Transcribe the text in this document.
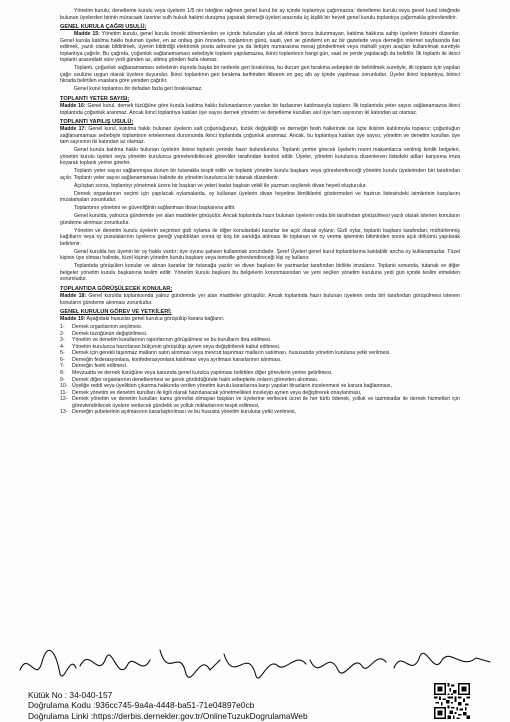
Yönetim kurulu; denetleme kurulu veya üyelerin 1/5 nin isteğine rağmen genel kurul bir ay içinde toplantıya çağırmazsa; denetleme kurulu veya genel kurul isteğinde bulunan üyelerden birinin müracaatı üzerine sulh hukuk hakimi duruşma yaparak derneği üyeleri arasında üç kişilik bir heyeti genel kurulu toplantıya çağırmakla görevlendirir.

GENEL KURULA ÇAĞRI USULÜ;

Madde 15: Yönetim kurulu, genel kurula önceki dönemlerden ve içinde bulunulan yıla ait ödenti borcu bulunmayan, katılma hakkına sahip üyelerin listesini düzenler. Genel kurula katılma hakkı bulunan üyeler, en az onbeş gün önceden, toplantının günü, saati, yeri ve gündemi en az bir gazetede veya derneğin internet sayfasında ilan edilmek, yazılı olarak bildirilmek, üyenin bildirdiği elektronik posta adresine ya da iletişim numarasına mesaj gönderilmek veya mahalli yayın araçları kullanılmak suretiyle toplantıya çağrılır. Bu çağrıda, çoğunluk sağlanamaması sebebiyle toplantı yapılamazsa, ikinci toplantının hangi gün, saat ve yerde yapılacağı da belirtilir. İlk toplantı ile ikinci toplantı arasındaki süre yedi günden az, altmış günden fazla olamaz.

Toplantı, çoğunluk sağlanamaması sebebinin dışında başka bir nedenle geri bırakılırsa, bu durum geri bırakma sebepleri de belirtilmek suretiyle, ilk toplantı için yapılan çağrı usulüne uygun olarak üyelere duyurulur. İkinci toplantının geri bırakma tarihinden itibaren en geç altı ay içinde yapılması zorunludur. Üyeler ikinci toplantıya, birinci fıkrada belirtilen esaslara göre yeniden çağrılır.

Genel kurul toplantısı bir defadan fazla geri bırakılamaz.

TOPLANTI YETER SAYISI;

Madde 16: Genel kurul, dernek tüzüğüne göre kurula katılma hakkı bulunanlarının yarıdan bir fazlasının katılmasıyla toplanır. İlk toplantıda yeter sayısı sağlanamazsa ikinci toplantıda çoğunluk aranmaz. Ancak ikinci toplantıya katılan üye sayısı dernek yönetim ve denetleme kurulları asıl üye tam sayısının iki katından az olamaz.

TOPLANTI YAPILIŞ USULÜ;

Madde 17: Genel kurul, katılma hakkı bulunan üyelerin salt çoğunluğunun, tüzük değişikliği ve derneğin fesih hallerinde ise üçte ikisinin katılımıyla toplanır; çoğunluğun sağlanamaması sebebiyle toplantının ertelenmesi durumunda ikinci toplantıda çoğunluk aranmaz. Ancak, bu toplantıya katılan üye sayısı, yönetim ve denetim kurulları üye tam sayısının iki katından az olamaz.

Genel kurula katılma hakkı bulunan üyelerin listesi toplantı yerinde hazır bulundurulur. Toplantı yerine girecek üyelerin resmi makamlarca verilmiş kimlik belgeleri, yönetim kurulu üyeleri veya yönetim kurulunca görevlendirilecek görevliler tarafından kontrol edilir. Üyeler, yönetim kurulunca düzenlenen listedeki adları karşısına imza koyarak toplantı yerine girerler.

Toplantı yeter sayısı sağlanmışsa durum bir tutanakla tespit edilir ve toplantı yönetim kurulu başkanı veya görevlendireceği yönetim kurulu üyelerinden biri tarafından açılır. Toplantı yeter sayısı sağlanamaması halinde de yönetim kurulunca bir tutanak düzenlenir.

Açılıştan sonra, toplantıyı yönetmek üzere bir başkan ve yeteri kadar başkan vekili ile yazman seçilerek divan heyeti oluşturulur.

Dernek organlarının seçimi için yapılacak oylamalarda, oy kullanan üyelerin divan heyetine kimliklerini göstermeleri ve hazirun listesindeki isimlerinin karşılarını imzalamaları zorunludur.

Toplantının yönetimi ve güvenliğinin sağlanması divan başkanına aittir.

Genel kurulda, yalnızca gündemde yer alan maddeler görüşülür. Ancak toplantıda hazır bulunan üyelerin onda biri tarafından görüşülmesi yazılı olarak istenen konuların gündeme alınması zorunludur.

Yönetim ve denetim kurulu üyelerin seçimleri gizli oylama ile diğer konulardaki kararlar ise açık olarak oylanır. Gizli oylar, toplantı başkanı tarafından, mühürlenmiş kağıtların veya oy pusulalarının üyelerce gereği yapıldıktan sonra içi boş bir sandığa atılması ile toplanan ve oy verme işleminin bitiminden sonra açık dökümü yapılarak belirlenir.

Genel kurulda her üyenin bir oy hakkı vardır; üye oyunu şahsen kullanmak zorundadır. Şeref Üyeleri genel kurul toplantılarına katılabilir ancha oy kullanamazlar. Tüzel kişinin üye olması halinde, tüzel kişinin yönetim kurulu başkanı veya temsille görevlendireceği kişi oy kullanır.

Toplantıda görüşülen konular ve alınan kararlar bir tutanağa yazılır ve divan başkanı ile yazmanlar tarafından birlikte imzalanır. Toplantı sonunda, tutanak ve diğer belgeler yönetim kurulu başkanına teslim edilir. Yönetim kurulu başkanı bu belgelerin korunmasından ve yeni seçilen yönetim kuruluna yedi gün içinde teslim etmekten sorumludur.

TOPLANTIDA GÖRÜŞÜLECEK KONULAR;

Madde 18: Genel kurulda toplantısında yalnız gündemde yer alan maddeler görüşülür. Ancak toplantıda hazır bulunan üyelerin onda biri tarafından görüşülmesi istenen konuların gündeme alınması zorunludur.

GENEL KURULUN GÖREV VE YETKİLERİ;

Madde 19: Aşağıdaki hususlar genel kurulca görüşülüp karara bağlanır.

1-	Dernek organlarının seçilmesi.
2-	Dernek tüzüğünün değiştirilmesi.
3-	Yönetim ve denetim kurullarının raporlarının görüşülmesi ve bu kurulların ibra edilmesi.
4-	Yönetim kurulunca hazırlanan bütçenin görüşülüp aynen veya değiştirilerek kabul edilmesi.
5-	Dernek için gerekli taşınmaz malların satın alınması veya mevcut taşınmaz malların satılması, hususunda yönetim kuruluna yetki verilmesi.
6-	Derneğin federasyonlara, konfederasyonlara katılması veya ayrılması kararlarının alınması.
7-	Derneğin feshi edilmesi.
8-	Mevzuatta ve dernek tüzüğüne veya kanunda genel kurulca yapılması belirtilen diğer görevlerin yerine getirilmesi.
9-	Dernek diğer organlarının denetlenmesi ve gerek görüldüğünde haklı sebeplerle onların görevden alınması.
10- Üyeliğe reddi veya üyelikten çıkarma hakkında verilen yönetim kurulu kararlarına karşı yapılan itirazların incelenmesi ve karara bağlanması,
11- Dernek yönetim ve denetim kurulları ile ilgili olarak hazırlanacak yönetmelikleri inceleyip aynen veya değiştirerek onaylanması,
12- Dernek yönetim ve denetim kurulları kamu görevlisi olmayan başkan ve üyelerine verilecek ücret ile her türlü ödenek, yolluk ve tazminatlar ile dernek hizmetleri için görevlendirilecek üyelere verilecek gündelik ve yolluk miktarlarının tespit edilmesi,
13- Derneğin şubelerinin açılmasının kararlaştırılması ve bu hususta yönetim kuruluna yetki verilmesi,
Kütük No : 34-040-157
Doğrulama Kodu :936cc745-9a4a-4448-ba51-71e04897e0cb
Doğrulama Linki :https://derbis.dernekler.gov.tr/OnlineTuzukDogrulamaWeb
